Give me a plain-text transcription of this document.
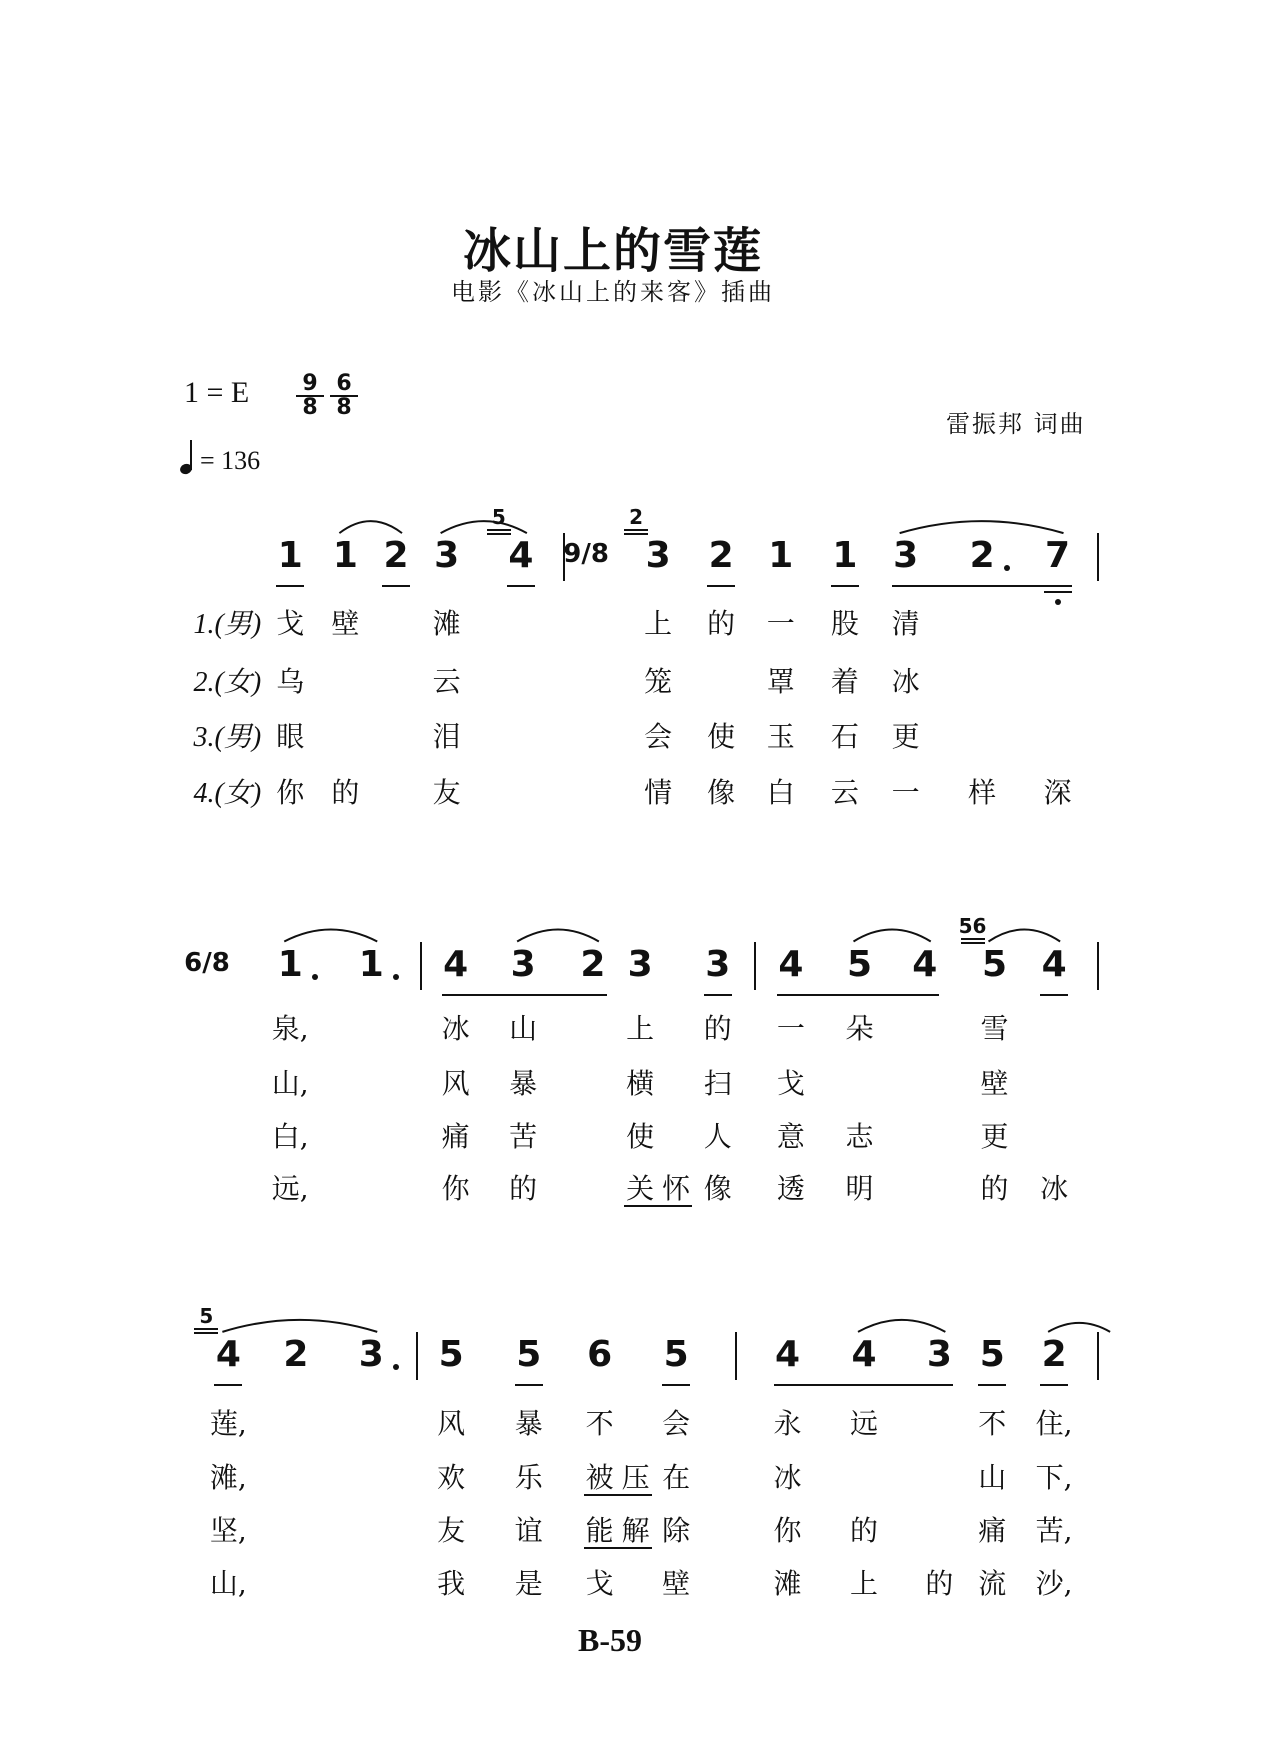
冰山上的雪莲
电影《冰山上的来客》插曲
1 = E 9
8
6
8
= 136
雷振邦 词曲
1 1 2 3 4
5
9/8 3
2
2 1 1 3 2 7
1.(男) 戈 壁	滩	上 的 一 股 清
2.(女) 乌	云	笼	罩 着 冰
3.(男) 眼	泪	会 使 玉 石 更
4.(女) 你 的	友	情 像 白 云 一 样 深
6/8 1 1 4 3 2 3 3 4 5 4 5
56
4
泉,	冰 山	上 的 一 朵	雪
山,	风 暴	横 扫 戈	壁
白,	痛 苦	使 人 意 志	更
远,	你 的	关 怀 像 透 明	的 冰
4
5
2 3 5 5 6 5 4 4 3 5 2
莲,	风 暴 不 会	永 远	不 住,
滩,	欢 乐 被 压 在	冰	山 下,
坚,	友 谊 能 解 除	你 的	痛 苦,
山,	我 是 戈 壁	滩 上 的 流 沙,
B-59
